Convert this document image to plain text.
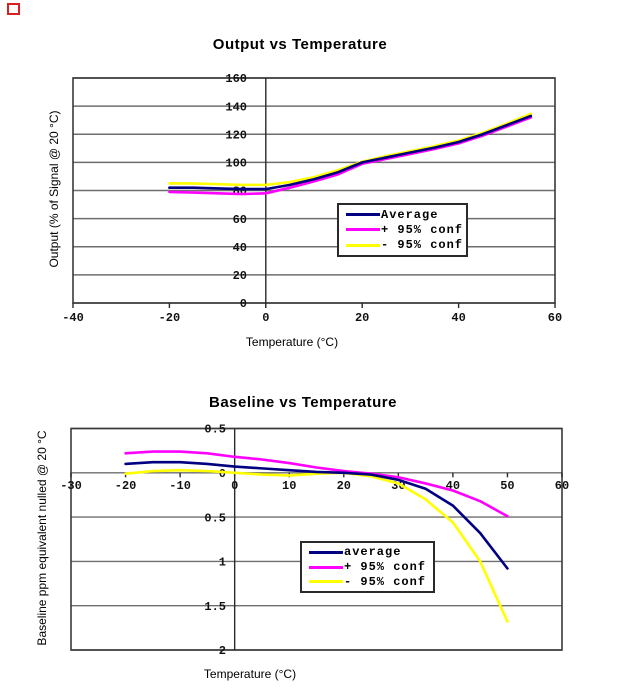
Output vs Temperature
Output (% of Signal @ 20 °C)
160
140
120
100
80
60
40
20
0
-40	-20	0	20	40	60
Average
+ 95% conf
- 95% conf
Temperature (°C)
Baseline vs Temperature
Baseline ppm equivalent nulled @ 20 °C
0.5
0
0.5
1
1.5
2
-30	-20	-10	0	10	20	30	40	50	60
average
+ 95% conf
- 95% conf
Temperature (°C)
